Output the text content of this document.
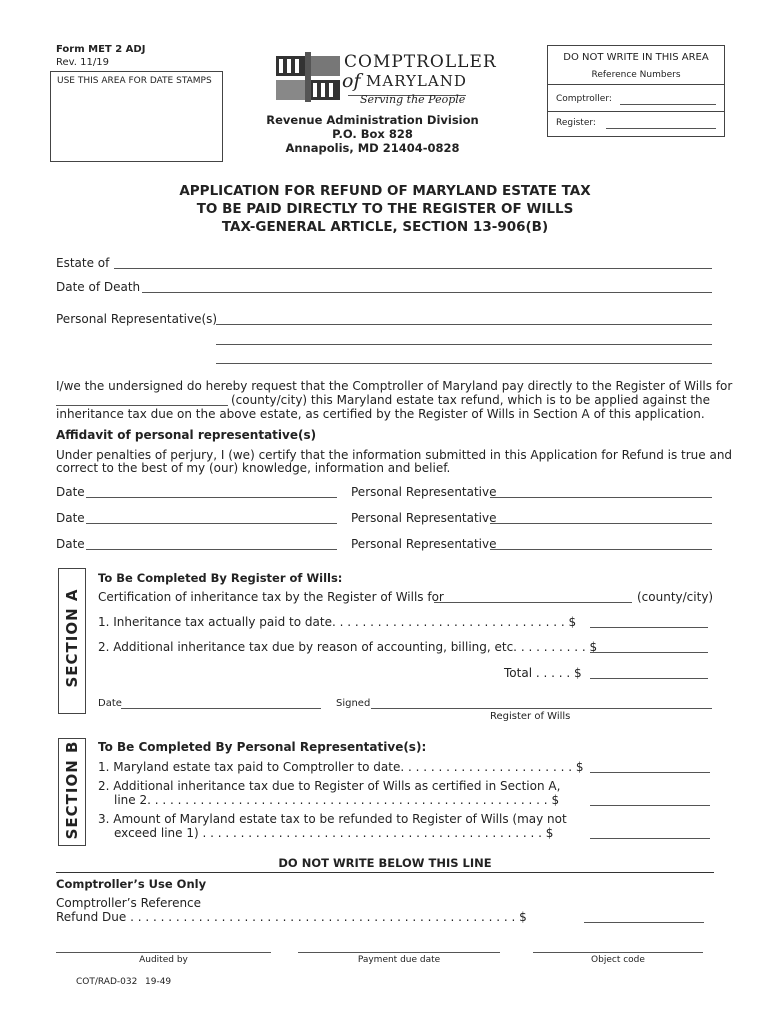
Form MET 2 ADJ
Rev. 11/19
USE THIS AREA FOR DATE STAMPS
COMPTROLLER
of MARYLAND
Serving the People
Revenue Administration Division
P.O. Box 828
Annapolis, MD 21404-0828
DO NOT WRITE IN THIS AREA
Reference Numbers
Comptroller:
Register:
APPLICATION FOR REFUND OF MARYLAND ESTATE TAX
TO BE PAID DIRECTLY TO THE REGISTER OF WILLS
TAX-GENERAL ARTICLE, SECTION 13-906(B)
Estate of
Date of Death
Personal Representative(s)
I/we the undersigned do hereby request that the Comptroller of Maryland pay directly to the Register of Wills for
(county/city) this Maryland estate tax refund, which is to be applied against the
inheritance tax due on the above estate, as certified by the Register of Wills in Section A of this application.
Affidavit of personal representative(s)
Under penalties of perjury, I (we) certify that the information submitted in this Application for Refund is true and
correct to the best of my (our) knowledge, information and belief.
Date	Personal Representative
Date	Personal Representative
Date	Personal Representative
SECTION A
To Be Completed By Register of Wills:
Certification of inheritance tax by the Register of Wills for	(county/city)
1. Inheritance tax actually paid to date. . . . . . . . . . . . . . . . . . . . . . . . . . . . . . . $
2. Additional inheritance tax due by reason of accounting, billing, etc. . . . . . . . . . $
Total . . . . . $
Date	Signed
Register of Wills
SECTION B To Be Completed By Personal Representative(s):
1. Maryland estate tax paid to Comptroller to date. . . . . . . . . . . . . . . . . . . . . . . $
2. Additional inheritance tax due to Register of Wills as certified in Section A,
line 2. . . . . . . . . . . . . . . . . . . . . . . . . . . . . . . . . . . . . . . . . . . . . . . . . . . . . $
3. Amount of Maryland estate tax to be refunded to Register of Wills (may not
exceed line 1) . . . . . . . . . . . . . . . . . . . . . . . . . . . . . . . . . . . . . . . . . . . . . $
DO NOT WRITE BELOW THIS LINE
Comptroller’s Use Only
Comptroller’s Reference
Refund Due . . . . . . . . . . . . . . . . . . . . . . . . . . . . . . . . . . . . . . . . . . . . . . . . . . . $
Audited by	Payment due date	Object code
COT/RAD-032 19-49
